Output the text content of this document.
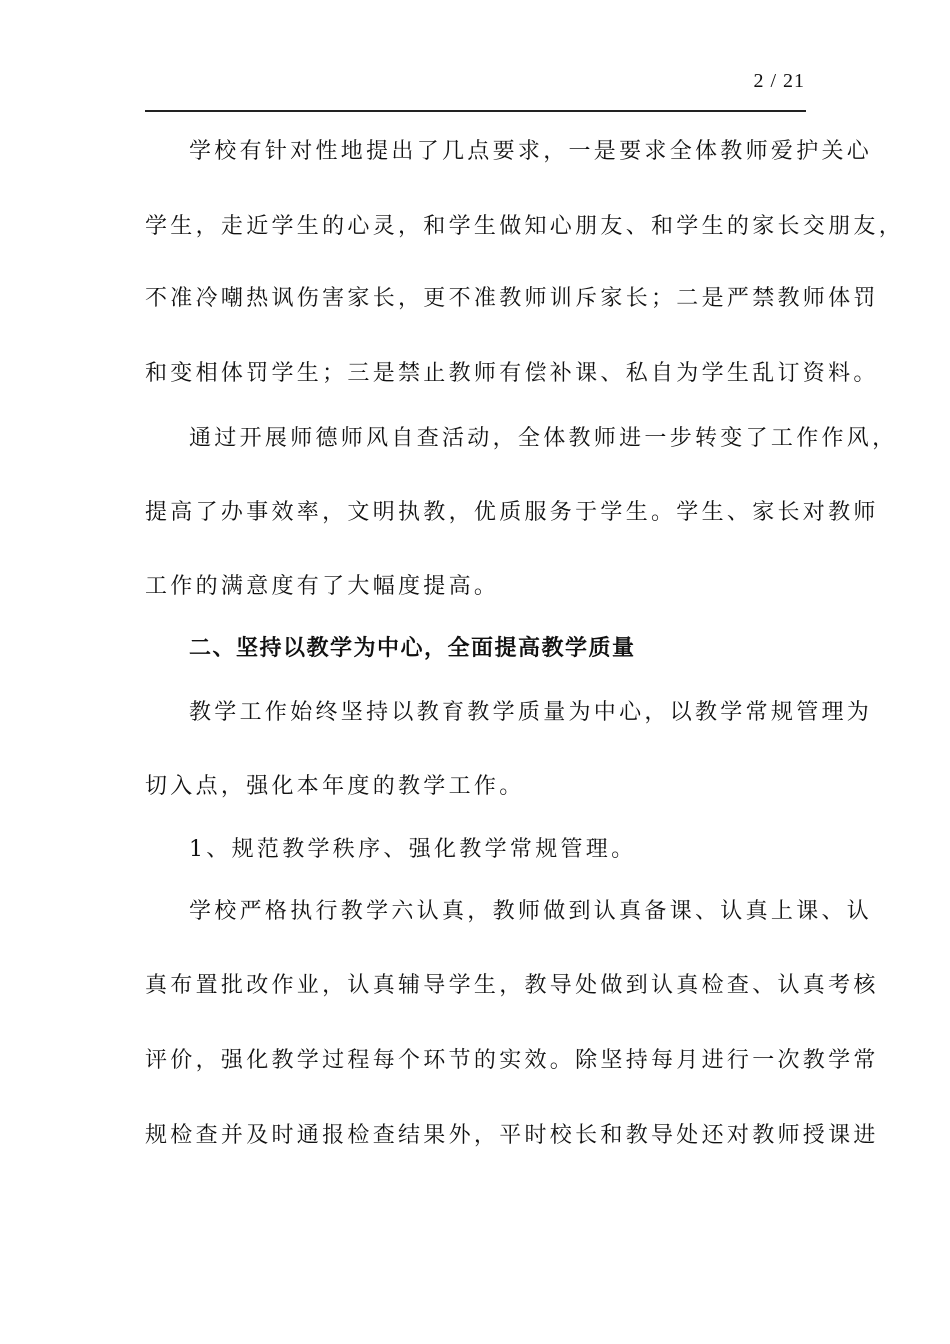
2 / 21
学校有针对性地提出了几点要求，一是要求全体教师爱护关心
学生，走近学生的心灵，和学生做知心朋友、和学生的家长交朋友，
不准冷嘲热讽伤害家长，更不准教师训斥家长；二是严禁教师体罚
和变相体罚学生；三是禁止教师有偿补课、私自为学生乱订资料。
通过开展师德师风自查活动，全体教师进一步转变了工作作风，
提高了办事效率，文明执教，优质服务于学生。学生、家长对教师
工作的满意度有了大幅度提高。
二、坚持以教学为中心，全面提高教学质量
教学工作始终坚持以教育教学质量为中心，以教学常规管理为
切入点，强化本年度的教学工作。
1、规范教学秩序、强化教学常规管理。
学校严格执行教学六认真，教师做到认真备课、认真上课、认
真布置批改作业，认真辅导学生，教导处做到认真检查、认真考核
评价，强化教学过程每个环节的实效。除坚持每月进行一次教学常
规检查并及时通报检查结果外，平时校长和教导处还对教师授课进
